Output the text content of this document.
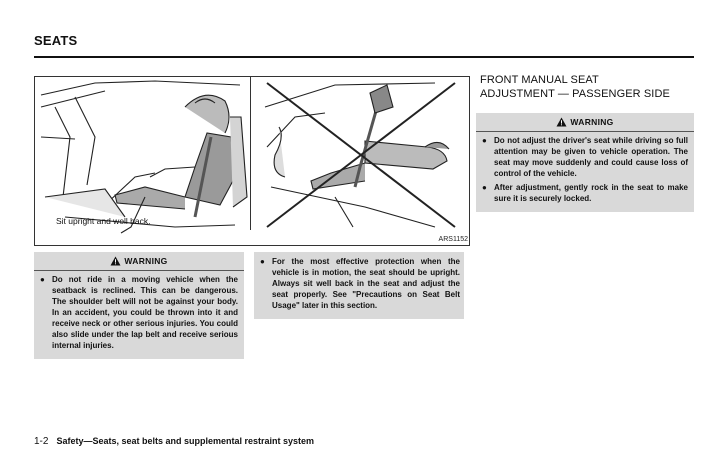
SEATS
Sit upright and well back.
ARS1152
FRONT MANUAL SEAT
ADJUSTMENT — PASSENGER SIDE
WARNING
● Do not adjust the driver's seat while driving so full attention may be given to vehicle operation. The seat may move suddenly and could cause loss of control of the vehicle.
● After adjustment, gently rock in the seat to make sure it is securely locked.
WARNING
● Do not ride in a moving vehicle when the seatback is reclined. This can be dangerous. The shoulder belt will not be against your body. In an accident, you could be thrown into it and receive neck or other serious injuries. You could also slide under the lap belt and receive serious internal injuries.
● For the most effective protection when the vehicle is in motion, the seat should be upright. Always sit well back in the seat and adjust the seat properly. See "Precautions on Seat Belt Usage" later in this section.
1-2 Safety—Seats, seat belts and supplemental restraint system
